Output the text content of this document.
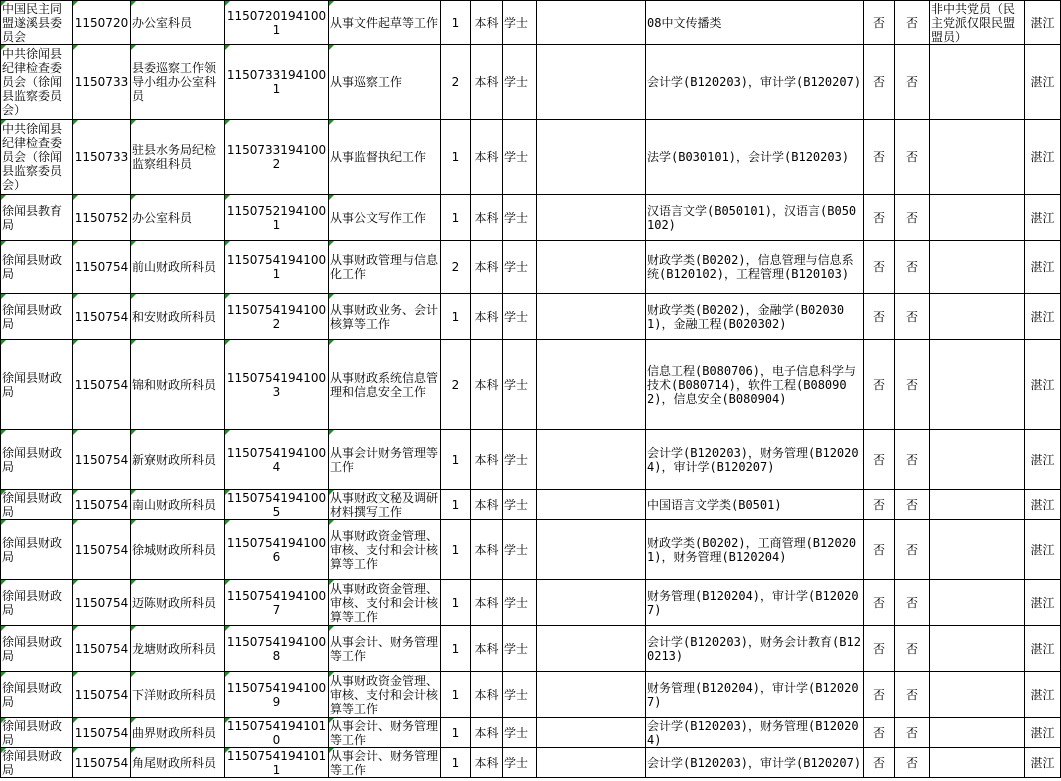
中国民主同盟遂溪县委员会	1150720	办公室科员	11507201941001	从事文件起草等工作	1	本科	学士		08中文传播类	否	否	非中共党员（民主党派仅限民盟盟员）	湛江
中共徐闻县纪律检查委员会（徐闻县监察委员会）	1150733	县委巡察工作领导小组办公室科员	11507331941001	从事巡察工作	2	本科	学士		会计学(B120203)，审计学(B120207)	否	否		湛江
中共徐闻县纪律检查委员会（徐闻县监察委员会）	1150733	驻县水务局纪检监察组科员	11507331941002	从事监督执纪工作	1	本科	学士		法学(B030101)，会计学(B120203)	否	否		湛江
徐闻县教育局	1150752	办公室科员	11507521941001	从事公文写作工作	1	本科	学士		汉语言文学(B050101)，汉语言(B050102)	否	否		湛江
徐闻县财政局	1150754	前山财政所科员	11507541941001	从事财政管理与信息化工作	2	本科	学士		财政学类(B0202)，信息管理与信息系统(B120102)，工程管理(B120103)	否	否		湛江
徐闻县财政局	1150754	和安财政所科员	11507541941002	从事财政业务、会计核算等工作	1	本科	学士		财政学类(B0202)，金融学(B020301)，金融工程(B020302)	否	否		湛江
徐闻县财政局	1150754	锦和财政所科员	11507541941003	从事财政系统信息管理和信息安全工作	2	本科	学士		信息工程(B080706)，电子信息科学与技术(B080714)，软件工程(B080902)，信息安全(B080904)	否	否		湛江
徐闻县财政局	1150754	新寮财政所科员	11507541941004	从事会计财务管理等工作	1	本科	学士		会计学(B120203)，财务管理(B120204)，审计学(B120207)	否	否		湛江
徐闻县财政局	1150754	南山财政所科员	11507541941005	从事财政文秘及调研材料撰写工作	1	本科	学士		中国语言文学类(B0501)	否	否		湛江
徐闻县财政局	1150754	徐城财政所科员	11507541941006	从事财政资金管理、审核、支付和会计核算等工作	1	本科	学士		财政学类(B0202)，工商管理(B120201)，财务管理(B120204)	否	否		湛江
徐闻县财政局	1150754	迈陈财政所科员	11507541941007	从事财政资金管理、审核、支付和会计核算等工作	1	本科	学士		财务管理(B120204)，审计学(B120207)	否	否		湛江
徐闻县财政局	1150754	龙塘财政所科员	11507541941008	从事会计、财务管理等工作	1	本科	学士		会计学(B120203)，财务会计教育(B120213)	否	否		湛江
徐闻县财政局	1150754	下洋财政所科员	11507541941009	从事财政资金管理、审核、支付和会计核算等工作	1	本科	学士		财务管理(B120204)，审计学(B120207)	否	否		湛江
徐闻县财政局	1150754	曲界财政所科员	11507541941010	从事会计、财务管理等工作	1	本科	学士		会计学(B120203)，财务管理(B120204)	否	否		湛江
徐闻县财政局	1150754	角尾财政所科员	11507541941011	从事会计、财务管理等工作	1	本科	学士		会计学(B120203)，审计学(B120207)	否	否		湛江
